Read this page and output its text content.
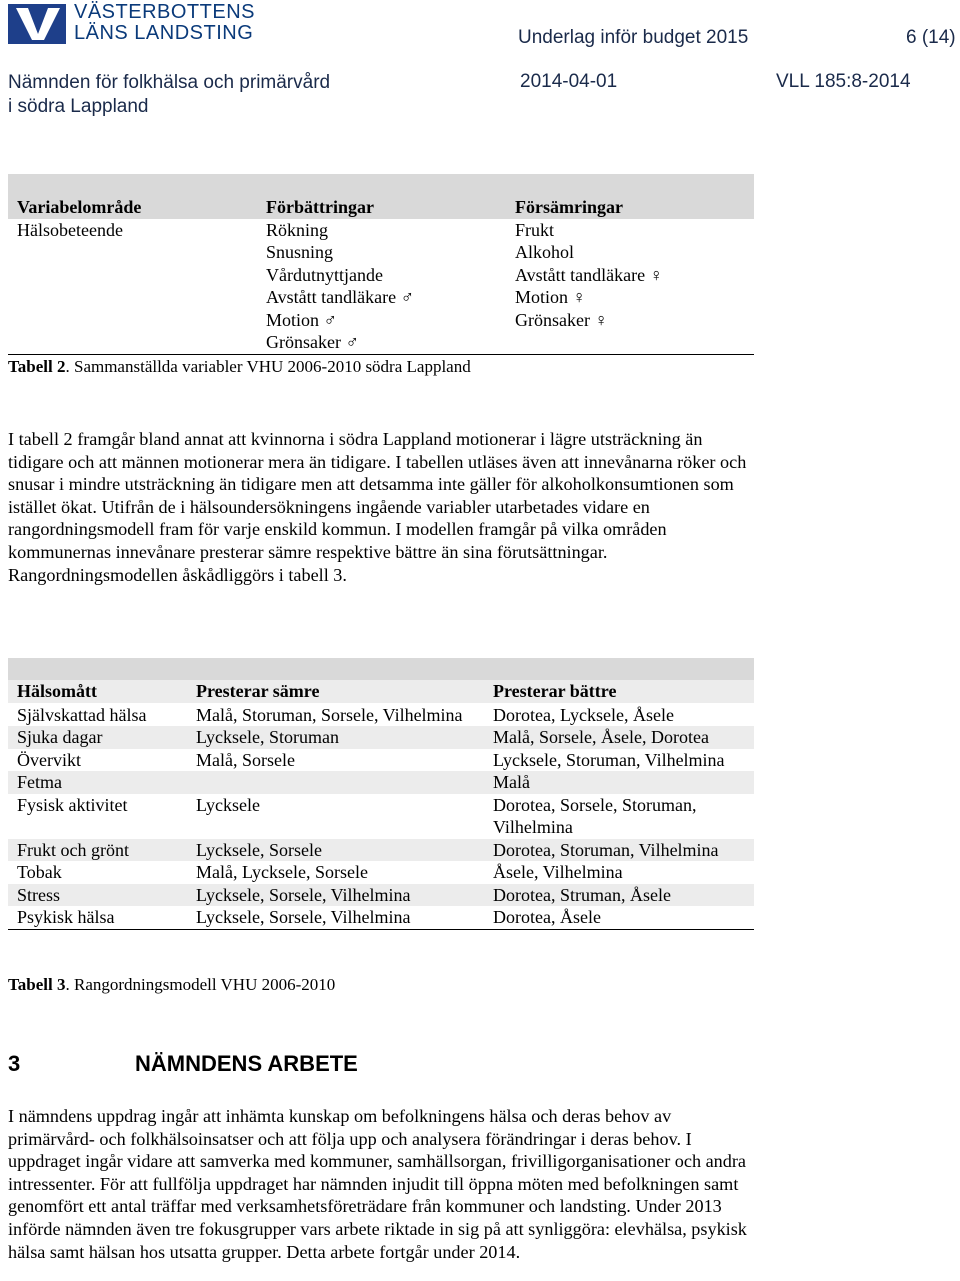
VÄSTERBOTTENS
LÄNS LANDSTING	Underlag inför budget 2015	6 (14)
Nämnden för folkhälsa och primärvård
i södra Lappland
2014-04-01	VLL 185:8-2014

Variabelområde	Förbättringar	Försämringar
Hälsobeteende	Rökning	Frukt
	Snusning	Alkohol
	Vårdutnyttjande	Avstått tandläkare ♀
	Avstått tandläkare ♂	Motion ♀
	Motion ♂	Grönsaker ♀
	Grönsaker ♂	
Tabell 2. Sammanställda variabler VHU 2006-2010 södra Lappland

I tabell 2 framgår bland annat att kvinnorna i södra Lappland motionerar i lägre utsträckning än tidigare och att männen motionerar mera än tidigare. I tabellen utläses även att innevånarna röker och snusar i mindre utsträckning än tidigare men att detsamma inte gäller för alkoholkonsumtionen som istället ökat. Utifrån de i hälsoundersökningens ingående variabler utarbetades vidare en rangordningsmodell fram för varje enskild kommun. I modellen framgår på vilka områden kommunernas innevånare presterar sämre respektive bättre än sina förutsättningar. Rangordningsmodellen åskådliggörs i tabell 3.

Hälsomått	Presterar sämre	Presterar bättre
Självskattad hälsa	Malå, Storuman, Sorsele, Vilhelmina	Dorotea, Lycksele, Åsele
Sjuka dagar	Lycksele, Storuman	Malå, Sorsele, Åsele, Dorotea
Övervikt	Malå, Sorsele	Lycksele, Storuman, Vilhelmina
Fetma		Malå
Fysisk aktivitet	Lycksele	Dorotea, Sorsele, Storuman, Vilhelmina
Frukt och grönt	Lycksele, Sorsele	Dorotea, Storuman, Vilhelmina
Tobak	Malå, Lycksele, Sorsele	Åsele, Vilhelmina
Stress	Lycksele, Sorsele, Vilhelmina	Dorotea, Struman, Åsele
Psykisk hälsa	Lycksele, Sorsele, Vilhelmina	Dorotea, Åsele
Tabell 3. Rangordningsmodell VHU 2006-2010
3	NÄMNDENS ARBETE

I nämndens uppdrag ingår att inhämta kunskap om befolkningens hälsa och deras behov av primärvård- och folkhälsoinsatser och att följa upp och analysera förändringar i deras behov. I uppdraget ingår vidare att samverka med kommuner, samhällsorgan, frivilligorganisationer och andra intressenter. För att fullfölja uppdraget har nämnden injudit till öppna möten med befolkningen samt genomfört ett antal träffar med verksamhetsföreträdare från kommuner och landsting. Under 2013 införde nämnden även tre fokusgrupper vars arbete riktade in sig på att synliggöra: elevhälsa, psykisk hälsa samt hälsan hos utsatta grupper. Detta arbete fortgår under 2014.
